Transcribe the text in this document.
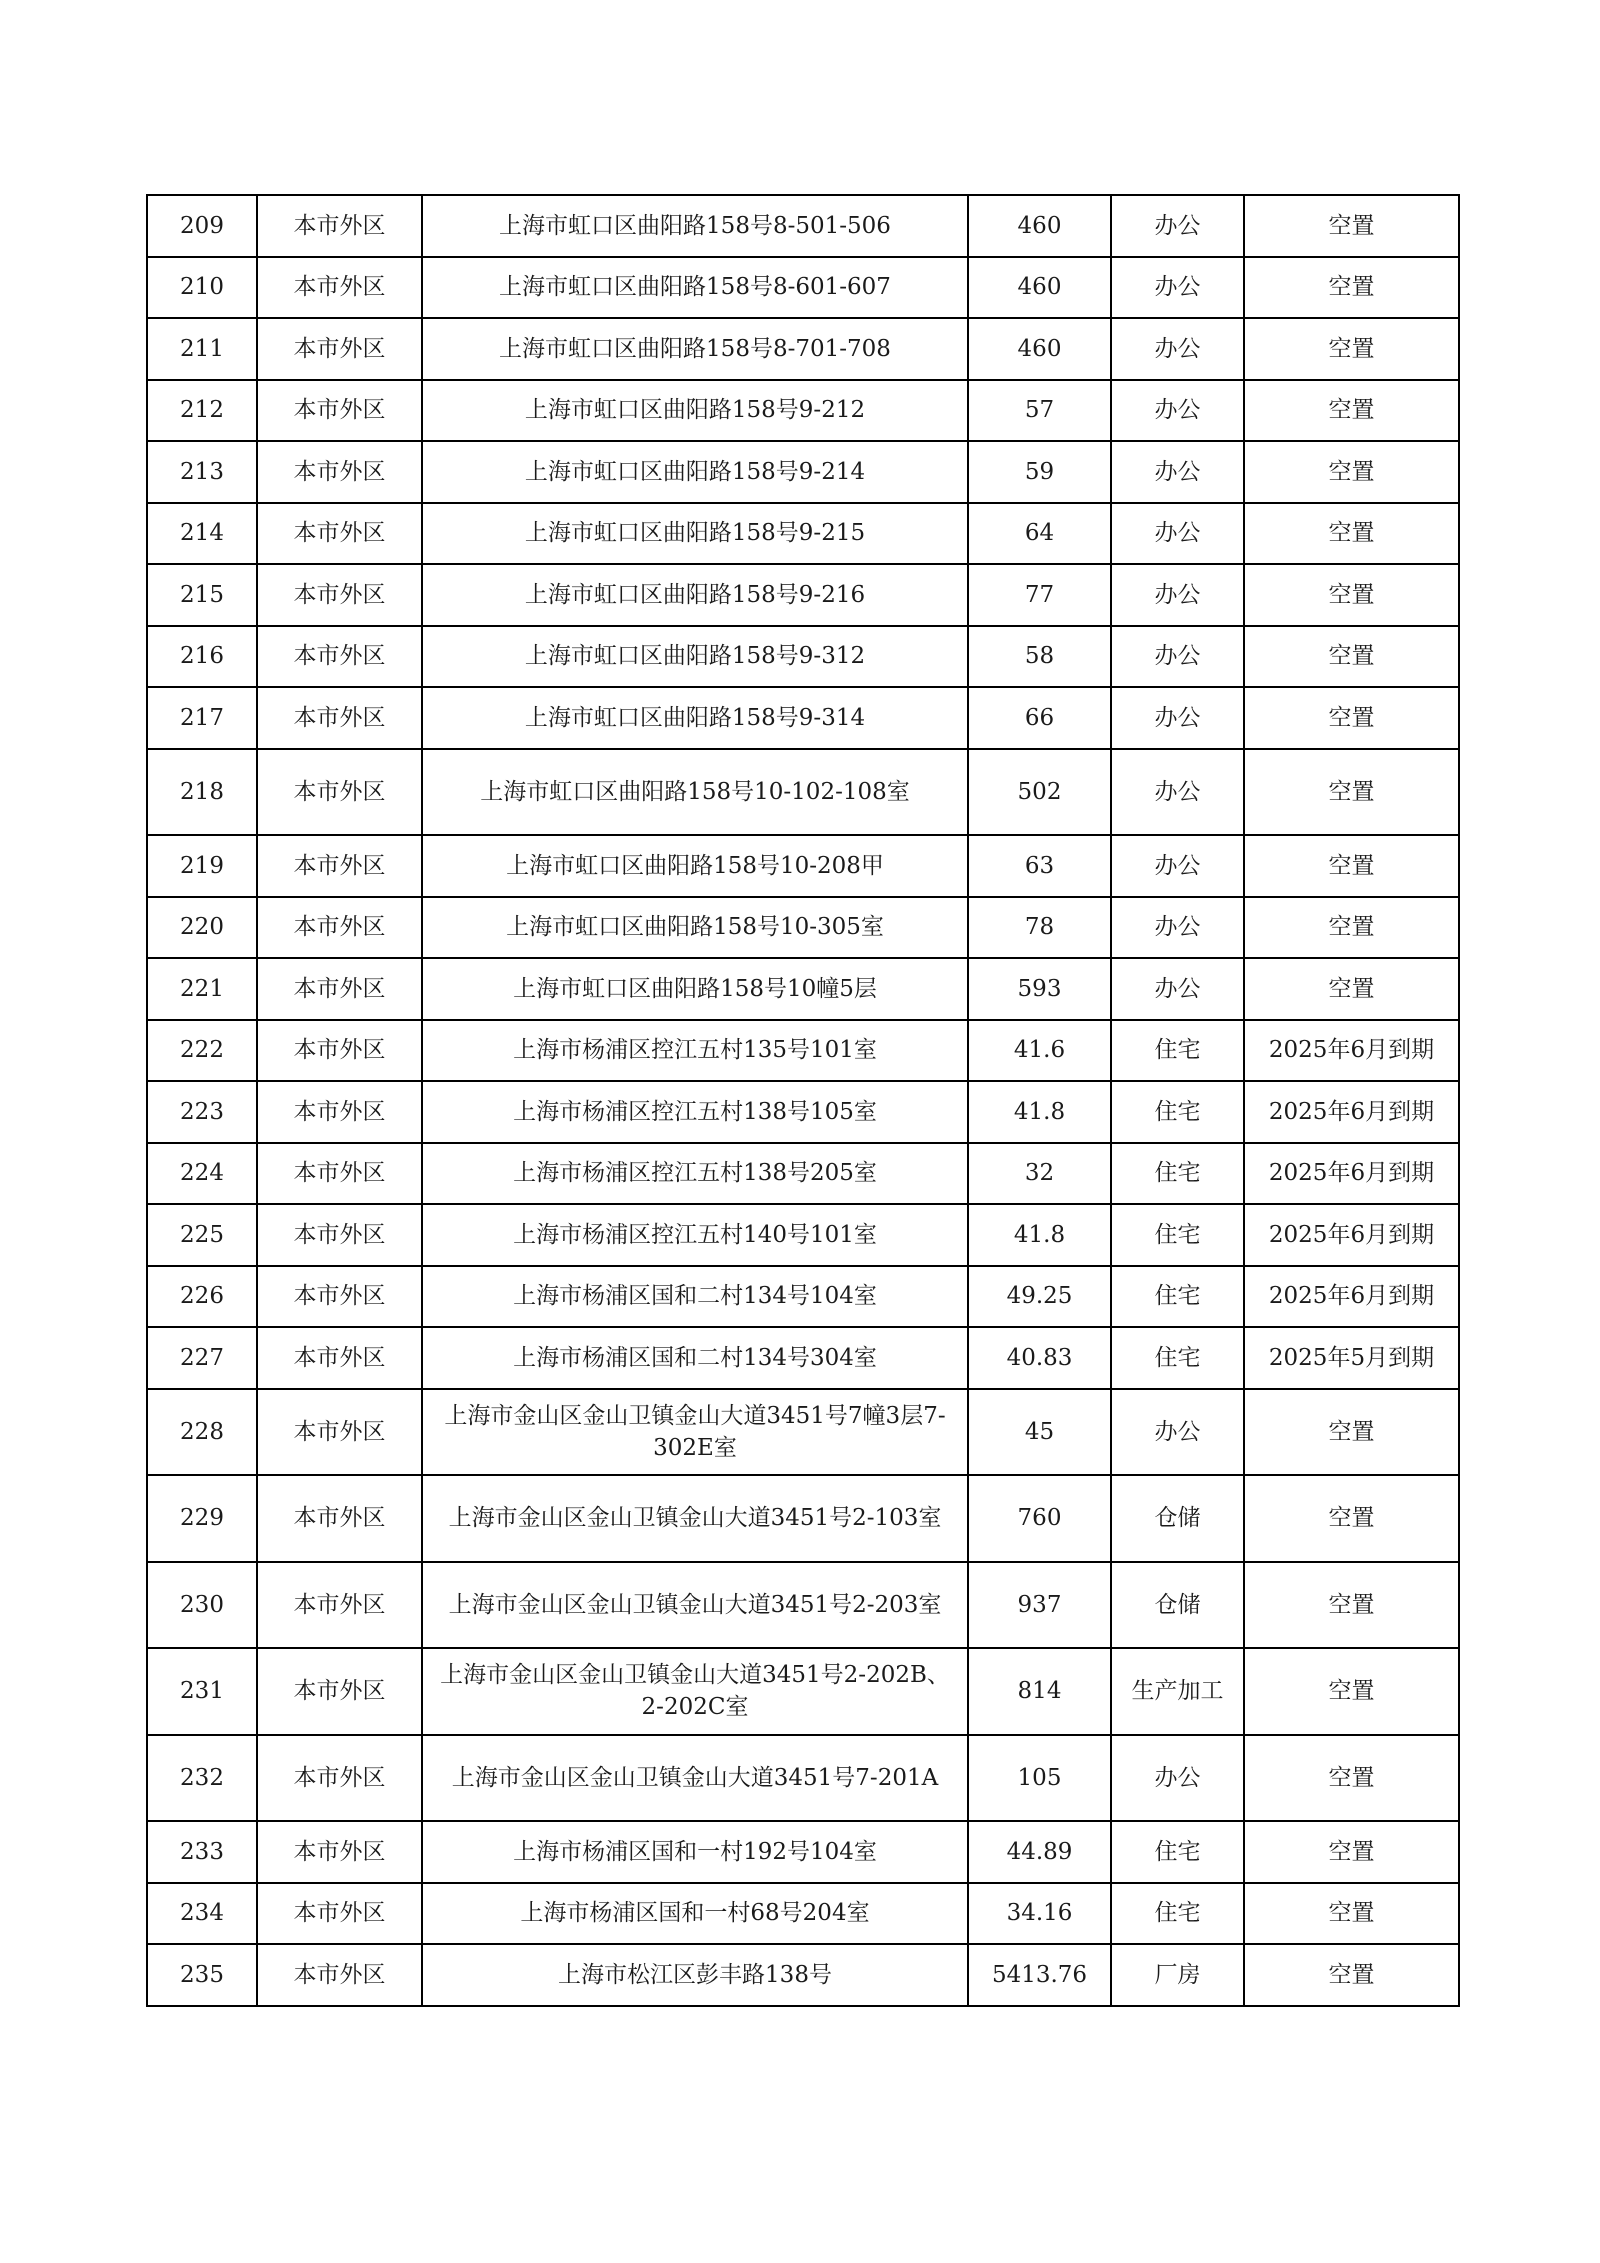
209	本市外区	上海市虹口区曲阳路158号8-501-506	460	办公	空置
210	本市外区	上海市虹口区曲阳路158号8-601-607	460	办公	空置
211	本市外区	上海市虹口区曲阳路158号8-701-708	460	办公	空置
212	本市外区	上海市虹口区曲阳路158号9-212	57	办公	空置
213	本市外区	上海市虹口区曲阳路158号9-214	59	办公	空置
214	本市外区	上海市虹口区曲阳路158号9-215	64	办公	空置
215	本市外区	上海市虹口区曲阳路158号9-216	77	办公	空置
216	本市外区	上海市虹口区曲阳路158号9-312	58	办公	空置
217	本市外区	上海市虹口区曲阳路158号9-314	66	办公	空置
218	本市外区	上海市虹口区曲阳路158号10-102-108室	502	办公	空置
219	本市外区	上海市虹口区曲阳路158号10-208甲	63	办公	空置
220	本市外区	上海市虹口区曲阳路158号10-305室	78	办公	空置
221	本市外区	上海市虹口区曲阳路158号10幢5层	593	办公	空置
222	本市外区	上海市杨浦区控江五村135号101室	41.6	住宅	2025年6月到期
223	本市外区	上海市杨浦区控江五村138号105室	41.8	住宅	2025年6月到期
224	本市外区	上海市杨浦区控江五村138号205室	32	住宅	2025年6月到期
225	本市外区	上海市杨浦区控江五村140号101室	41.8	住宅	2025年6月到期
226	本市外区	上海市杨浦区国和二村134号104室	49.25	住宅	2025年6月到期
227	本市外区	上海市杨浦区国和二村134号304室	40.83	住宅	2025年5月到期
228	本市外区	上海市金山区金山卫镇金山大道3451号7幢3层7-302E室	45	办公	空置
229	本市外区	上海市金山区金山卫镇金山大道3451号2-103室	760	仓储	空置
230	本市外区	上海市金山区金山卫镇金山大道3451号2-203室	937	仓储	空置
231	本市外区	上海市金山区金山卫镇金山大道3451号2-202B、2-202C室	814	生产加工	空置
232	本市外区	上海市金山区金山卫镇金山大道3451号7-201A	105	办公	空置
233	本市外区	上海市杨浦区国和一村192号104室	44.89	住宅	空置
234	本市外区	上海市杨浦区国和一村68号204室	34.16	住宅	空置
235	本市外区	上海市松江区彭丰路138号	5413.76	厂房	空置
